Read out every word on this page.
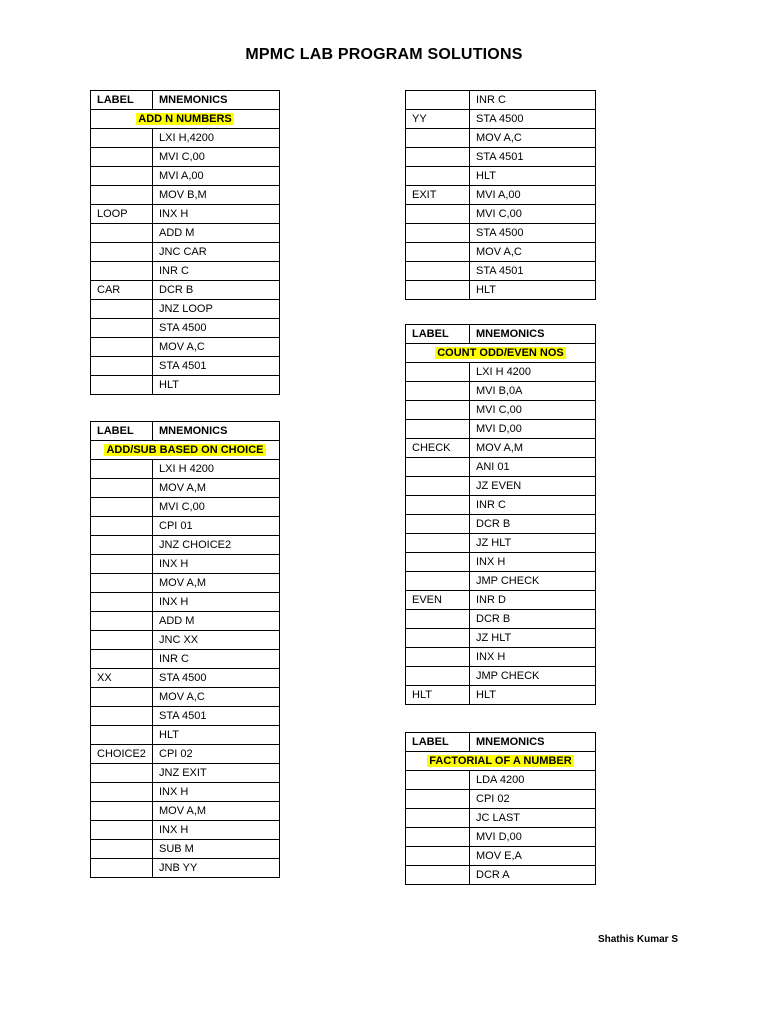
MPMC LAB PROGRAM SOLUTIONS
LABEL	MNEMONICS
ADD N NUMBERS	
	LXI H,4200
	MVI C,00
	MVI A,00
	MOV B,M
LOOP	INX H
	ADD M
	JNC CAR
	INR C
CAR	DCR B
	JNZ LOOP
	STA 4500
	MOV A,C
	STA 4501
	HLT
LABEL	MNEMONICS
ADD/SUB BASED ON CHOICE	
	LXI H 4200
	MOV A,M
	MVI C,00
	CPI 01
	JNZ CHOICE2
	INX H
	MOV A,M
	INX H
	ADD M
	JNC XX
	INR C
XX	STA 4500
	MOV A,C
	STA 4501
	HLT
CHOICE2	CPI 02
	JNZ EXIT
	INX H
	MOV A,M
	INX H
	SUB M
	JNB YY
	INR C
YY	STA 4500
	MOV A,C
	STA 4501
	HLT
EXIT	MVI A,00
	MVI C,00
	STA 4500
	MOV A,C
	STA 4501
	HLT
LABEL	MNEMONICS
COUNT ODD/EVEN NOS	
	LXI H 4200
	MVI B,0A
	MVI C,00
	MVI D,00
CHECK	MOV A,M
	ANI 01
	JZ EVEN
	INR C
	DCR B
	JZ HLT
	INX H
	JMP CHECK
EVEN	INR D
	DCR B
	JZ HLT
	INX H
	JMP CHECK
HLT	HLT
LABEL	MNEMONICS
FACTORIAL OF A NUMBER	
	LDA 4200
	CPI 02
	JC LAST
	MVI D,00
	MOV E,A
	DCR A
Shathis Kumar S
